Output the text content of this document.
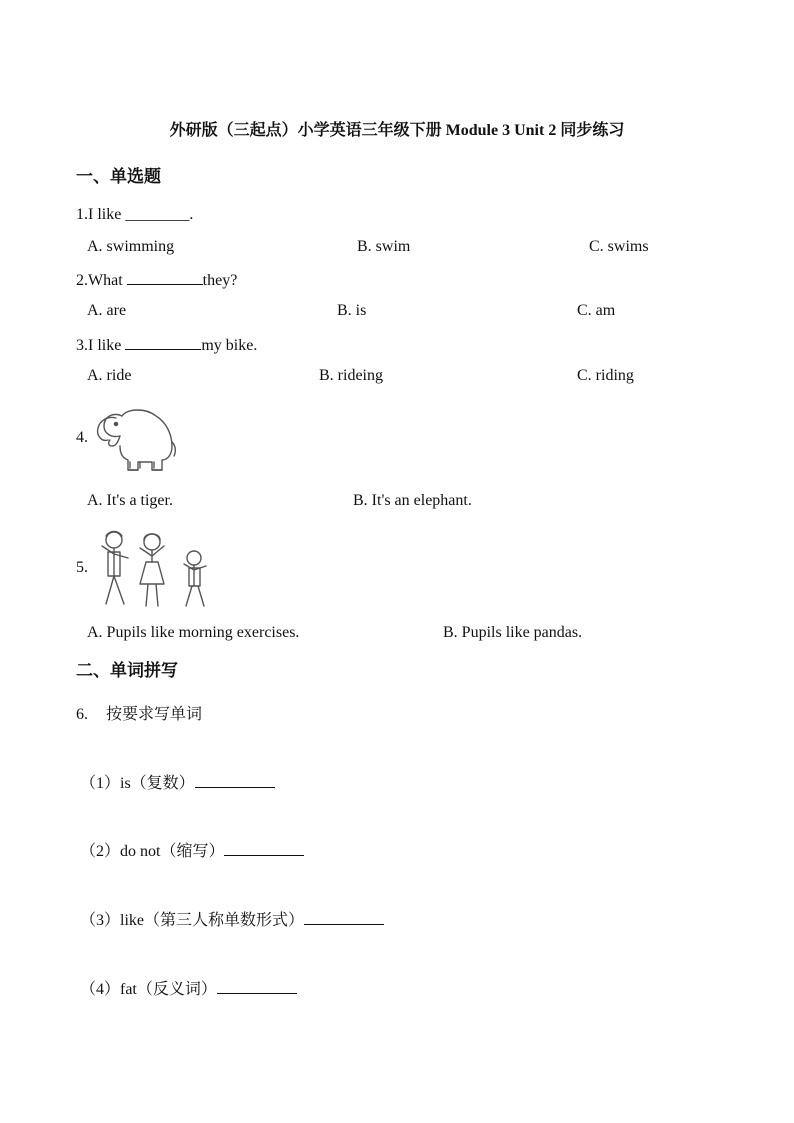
外研版（三起点）小学英语三年级下册 Module 3 Unit 2 同步练习
一、单选题
1.I like ________.
A. swimming	B. swim	C. swims
2.What	they?
A. are	B. is	C. am
3.I like	my bike.
A. ride	B. rideing	C. riding
4.
A. It's a tiger.	B. It's an elephant.
5.
A. Pupils like morning exercises.	B. Pupils like pandas.
二、单词拼写
6. 按要求写单词
（1）is（复数）
（2）do not（缩写）
（3）like（第三人称单数形式）
（4）fat（反义词）
